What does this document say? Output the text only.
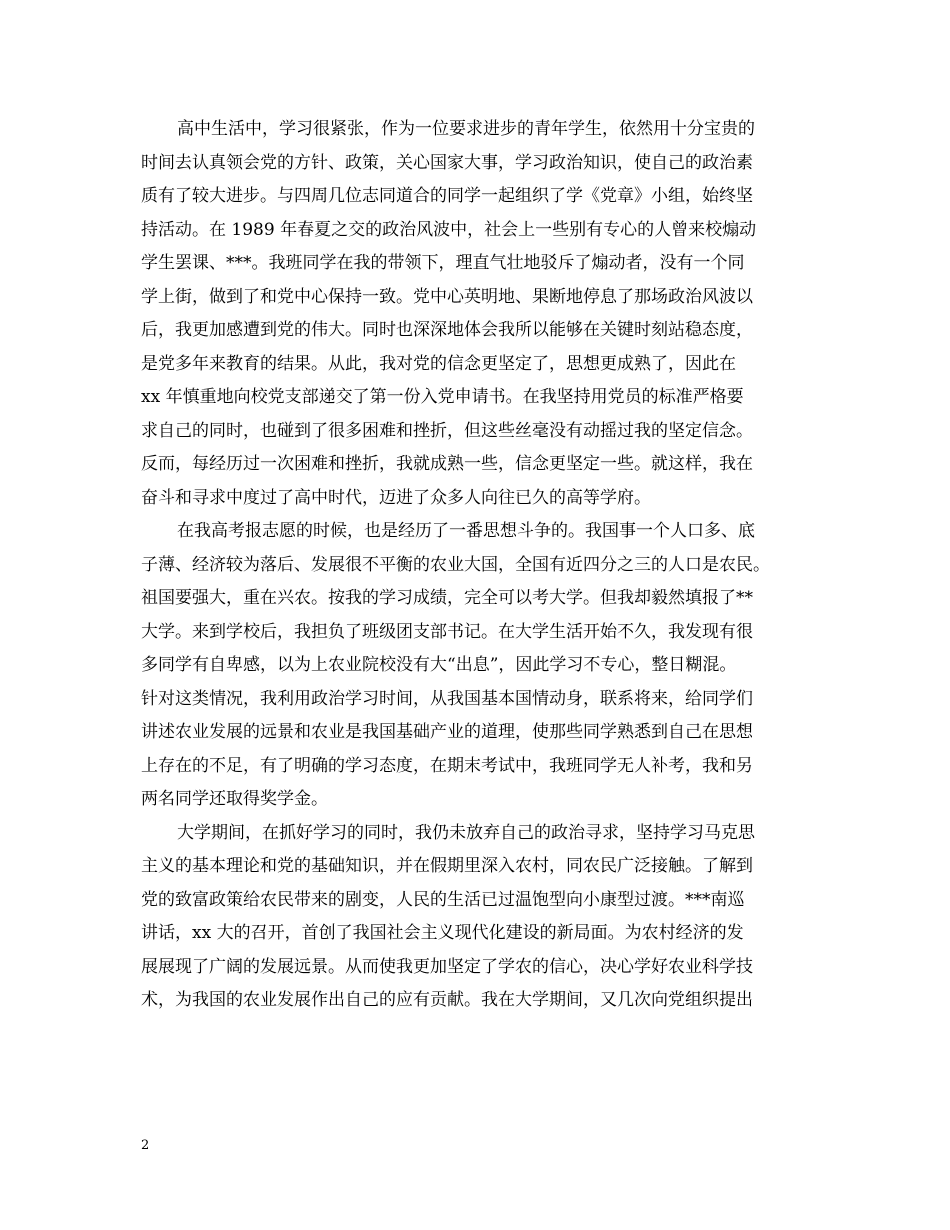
高中生活中，学习很紧张，作为一位要求进步的青年学生，依然用十分宝贵的
时间去认真领会党的方针、政策，关心国家大事，学习政治知识，使自己的政治素
质有了较大进步。与四周几位志同道合的同学一起组织了学《党章》小组，始终坚
持活动。在 1989 年春夏之交的政治风波中，社会上一些别有专心的人曾来校煽动
学生罢课、***。我班同学在我的带领下，理直气壮地驳斥了煽动者，没有一个同
学上街，做到了和党中心保持一致。党中心英明地、果断地停息了那场政治风波以
后，我更加感遭到党的伟大。同时也深深地体会我所以能够在关键时刻站稳态度，
是党多年来教育的结果。从此，我对党的信念更坚定了，思想更成熟了，因此在
xx 年慎重地向校党支部递交了第一份入党申请书。在我坚持用党员的标准严格要
求自己的同时，也碰到了很多困难和挫折，但这些丝毫没有动摇过我的坚定信念。
反而，每经历过一次困难和挫折，我就成熟一些，信念更坚定一些。就这样，我在
奋斗和寻求中度过了高中时代，迈进了众多人向往已久的高等学府。
在我高考报志愿的时候，也是经历了一番思想斗争的。我国事一个人口多、底
子薄、经济较为落后、发展很不平衡的农业大国，全国有近四分之三的人口是农民。
祖国要强大，重在兴农。按我的学习成绩，完全可以考大学。但我却毅然填报了**
大学。来到学校后，我担负了班级团支部书记。在大学生活开始不久，我发现有很
多同学有自卑感，以为上农业院校没有大“出息”，因此学习不专心，整日糊混。
针对这类情况，我利用政治学习时间，从我国基本国情动身，联系将来，给同学们
讲述农业发展的远景和农业是我国基础产业的道理，使那些同学熟悉到自己在思想
上存在的不足，有了明确的学习态度，在期末考试中，我班同学无人补考，我和另
两名同学还取得奖学金。
大学期间，在抓好学习的同时，我仍未放弃自己的政治寻求，坚持学习马克思
主义的基本理论和党的基础知识，并在假期里深入农村，同农民广泛接触。了解到
党的致富政策给农民带来的剧变，人民的生活已过温饱型向小康型过渡。***南巡
讲话，xx 大的召开，首创了我国社会主义现代化建设的新局面。为农村经济的发
展展现了广阔的发展远景。从而使我更加坚定了学农的信心，决心学好农业科学技
术，为我国的农业发展作出自己的应有贡献。我在大学期间，又几次向党组织提出
2
